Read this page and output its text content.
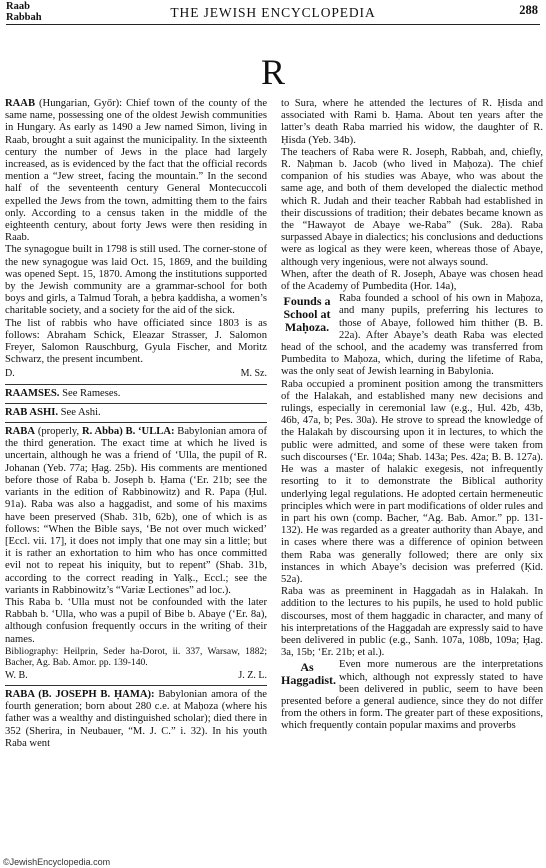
Raab
Rabbah	THE JEWISH ENCYCLOPEDIA	288
R

RAAB (Hungarian, Győr): Chief town of the county of the same name, possessing one of the oldest Jewish communities in Hungary. As early as 1490 a Jew named Simon, living in Raab, brought a suit against the municipality. In the sixteenth century the number of Jews in the place had largely increased, as is evidenced by the fact that the official records mention a “Jew street, facing the mountain.” In the second half of the seventeenth century General Montecuccoli expelled the Jews from the town, admitting them to the fairs only. According to a census taken in the middle of the eighteenth century, about forty Jews were then residing in Raab.

The synagogue built in 1798 is still used. The corner-stone of the new synagogue was laid Oct. 15, 1869, and the building was opened Sept. 15, 1870. Among the institutions supported by the Jewish community are a grammar-school for both boys and girls, a Talmud Torah, a ḥebra ḳaddisha, a women’s charitable society, and a society for the aid of the sick.

The list of rabbis who have officiated since 1803 is as follows: Abraham Schick, Eleazar Strasser, J. Salomon Freyer, Salomon Rauschburg, Gyula Fischer, and Moritz Schwarz, the present incumbent.

D.	M. Sz.

RAAMSES. See Rameses.

RAB ASHI. See Ashi.

RABA (properly, R. Abba) B. ‘ULLA: Babylonian amora of the third generation. The exact time at which he lived is uncertain, although he was a friend of ‘Ulla, the pupil of R. Johanan (Yeb. 77a; Ḥag. 25b). His comments are mentioned before those of Raba b. Joseph b. Ḥama (‘Er. 21b; see the variants in the edition of Rabbinowitz) and R. Papa (Ḥul. 91a). Raba was also a haggadist, and some of his maxims have been preserved (Shab. 31b, 62b), one of which is as follows: “When the Bible says, ‘Be not over much wicked’ [Eccl. vii. 17], it does not imply that one may sin a little; but it is rather an exhortation to him who has once committed evil not to repeat his iniquity, but to repent” (Shab. 31b, according to the correct reading in Yalḳ., Eccl.; see the variants in Rabbinowitz’s “Variæ Lectiones” ad loc.).

This Raba b. ‘Ulla must not be confounded with the later Rabbah b. ‘Ulla, who was a pupil of Bibe b. Abaye (‘Er. 8a), although confusion frequently occurs in the writing of their names.

Bibliography: Heilprin, Seder ha-Dorot, ii. 337, Warsaw, 1882; Bacher, Ag. Bab. Amor. pp. 139-140.

W. B.	J. Z. L.

RABA (B. JOSEPH B. ḤAMA): Babylonian amora of the fourth generation; born about 280 c.e. at Maḥoza (where his father was a wealthy and distinguished scholar); died there in 352 (Sherira, in Neubauer, “M. J. C.” i. 32). In his youth Raba went

to Sura, where he attended the lectures of R. Ḥisda and associated with Rami b. Ḥama. About ten years after the latter’s death Raba married his widow, the daughter of R. Ḥisda (Yeb. 34b).

The teachers of Raba were R. Joseph, Rabbah, and, chiefly, R. Naḥman b. Jacob (who lived in Maḥoza). The chief companion of his studies was Abaye, who was about the same age, and both of them developed the dialectic method which R. Judah and their teacher Rabbah had established in their discussions of tradition; their debates became known as the “Hawayot de Abaye we-Raba” (Suk. 28a). Raba surpassed Abaye in dialectics; his conclusions and deductions were as logical as they were keen, whereas those of Abaye, although very ingenious, were not always sound.

When, after the death of R. Joseph, Abaye was chosen head of the Academy of Pumbedita (Hor. 14a),

Founds a School at Maḥoza.
Raba founded a school of his own in Maḥoza, and many pupils, preferring his lectures to those of Abaye, followed him thither (B. B. 22a). After Abaye’s death Raba was elected head of the school, and the academy was transferred from Pumbedita to Maḥoza, which, during the lifetime of Raba, was the only seat of Jewish learning in Babylonia.

Raba occupied a prominent position among the transmitters of the Halakah, and established many new decisions and rulings, especially in ceremonial law (e.g., Ḥul. 42b, 43b, 46b, 47a, b; Pes. 30a). He strove to spread the knowledge of the Halakah by discoursing upon it in lectures, to which the public were admitted, and some of these were taken from such discourses (‘Er. 104a; Shab. 143a; Pes. 42a; B. B. 127a). He was a master of halakic exegesis, not infrequently resorting to it to demonstrate the Biblical authority underlying legal regulations. He adopted certain hermeneutic principles which were in part modifications of older rules and in part his own (comp. Bacher, “Ag. Bab. Amor.” pp. 131-132). He was regarded as a greater authority than Abaye, and in cases where there was a difference of opinion between them Raba was generally followed; there are only six instances in which Abaye’s decision was preferred (Ḳid. 52a).

Raba was as preeminent in Haggadah as in Halakah. In addition to the lectures to his pupils, he used to hold public discourses, most of them haggadic in character, and many of his interpretations of the Haggadah are expressly said to have been delivered in public (e.g., Sanh. 107a, 108b, 109a; Ḥag. 3a, 15b; ‘Er. 21b; et al.).

As Haggadist.
Even more numerous are the interpretations which, although not expressly stated to have been delivered in public, seem to have been presented before a general audience, since they do not differ from the others in form. The greater part of these expositions, which frequently contain popular maxims and proverbs

©JewishEncyclopedia.com
